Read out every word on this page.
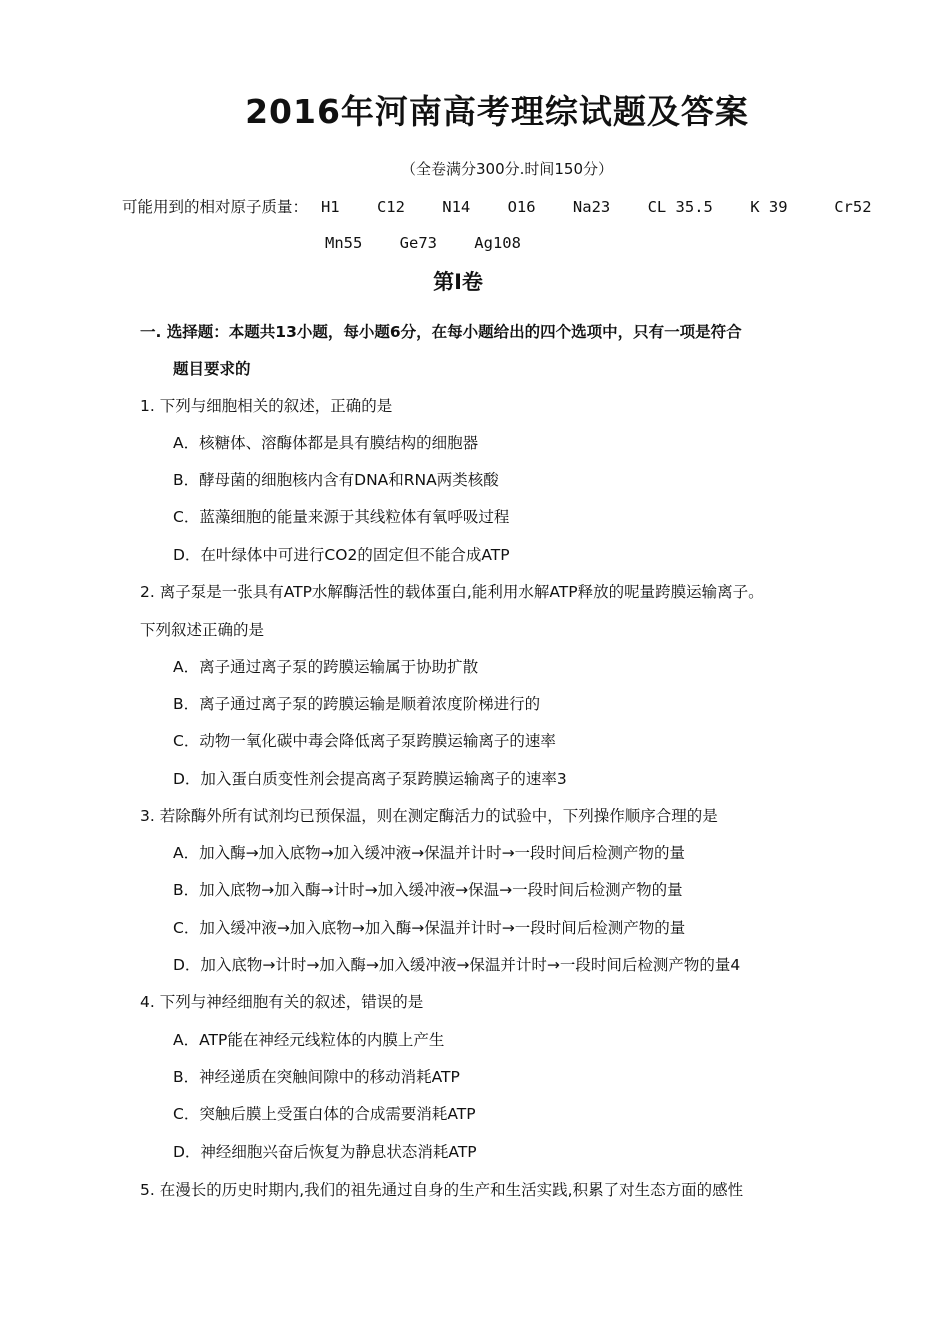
2016年河南高考理综试题及答案
（全卷满分300分.时间150分）
可能用到的相对原子质量： H1    C12    N14    O16    Na23    CL 35.5    K 39     Cr52
Mn55    Ge73    Ag108
第Ⅰ卷
一. 选择题：本题共13小题，每小题6分，在每小题给出的四个选项中，只有一项是符合
题目要求的
1. 下列与细胞相关的叙述，正确的是
A．核糖体、溶酶体都是具有膜结构的细胞器
B．酵母菌的细胞核内含有DNA和RNA两类核酸
C．蓝藻细胞的能量来源于其线粒体有氧呼吸过程
D．在叶绿体中可进行CO2的固定但不能合成ATP
2. 离子泵是一张具有ATP水解酶活性的载体蛋白,能利用水解ATP释放的呢量跨膜运输离子。
下列叙述正确的是
A．离子通过离子泵的跨膜运输属于协助扩散
B．离子通过离子泵的跨膜运输是顺着浓度阶梯进行的
C．动物一氧化碳中毒会降低离子泵跨膜运输离子的速率
D．加入蛋白质变性剂会提高离子泵跨膜运输离子的速率3
3. 若除酶外所有试剂均已预保温，则在测定酶活力的试验中，下列操作顺序合理的是
A．加入酶→加入底物→加入缓冲液→保温并计时→一段时间后检测产物的量
B．加入底物→加入酶→计时→加入缓冲液→保温→一段时间后检测产物的量
C．加入缓冲液→加入底物→加入酶→保温并计时→一段时间后检测产物的量
D．加入底物→计时→加入酶→加入缓冲液→保温并计时→一段时间后检测产物的量4
4. 下列与神经细胞有关的叙述，错误的是
A．ATP能在神经元线粒体的内膜上产生
B．神经递质在突触间隙中的移动消耗ATP
C．突触后膜上受蛋白体的合成需要消耗ATP
D．神经细胞兴奋后恢复为静息状态消耗ATP
5. 在漫长的历史时期内,我们的祖先通过自身的生产和生活实践,积累了对生态方面的感性
